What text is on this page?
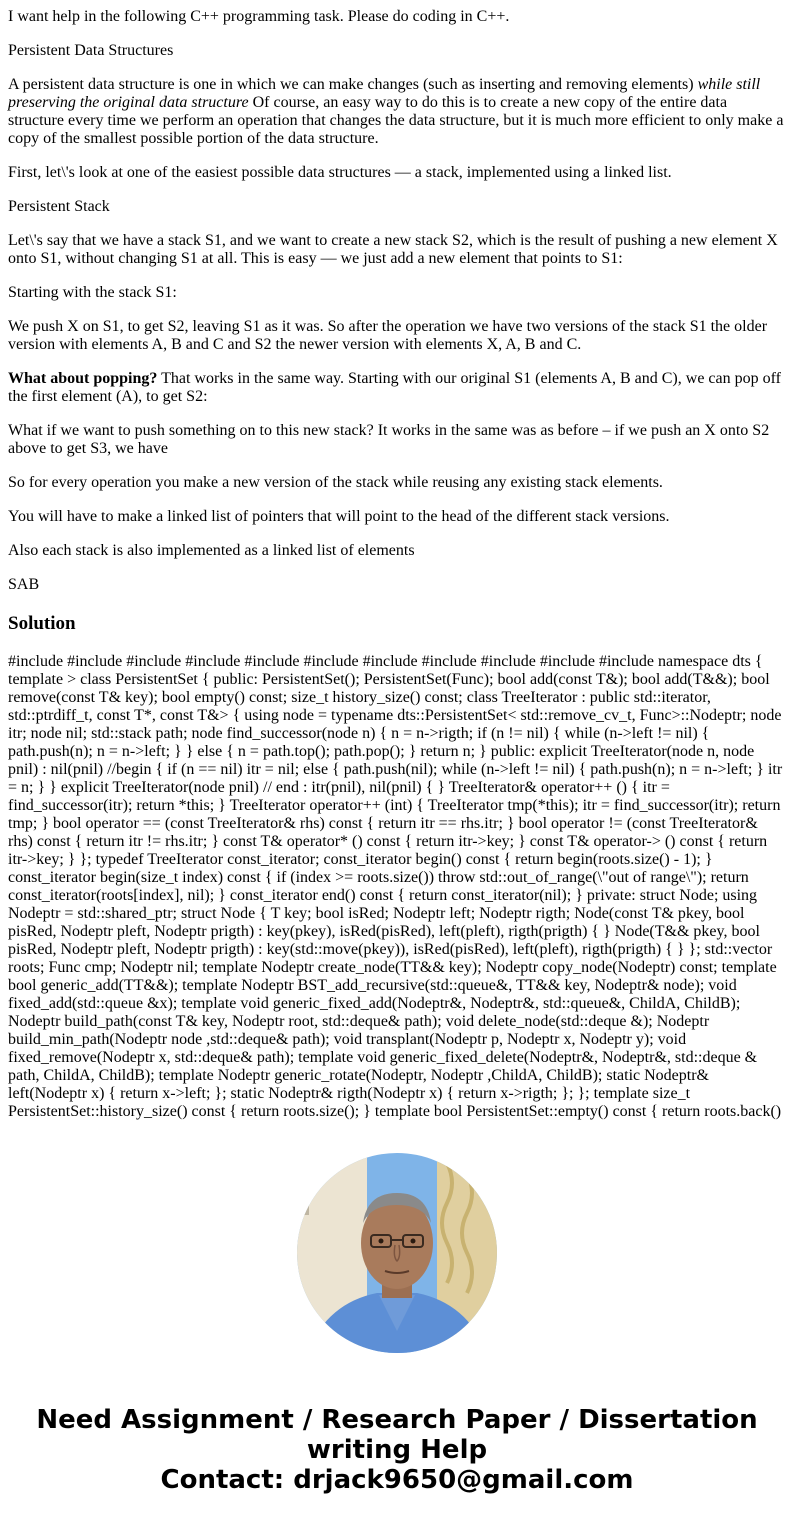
I want help in the following C++ programming task. Please do coding in C++.

Persistent Data Structures

A persistent data structure is one in which we can make changes (such as inserting and removing elements) while still preserving the original data structure Of course, an easy way to do this is to create a new copy of the entire data structure every time we perform an operation that changes the data structure, but it is much more efficient to only make a copy of the smallest possible portion of the data structure.

First, let\'s look at one of the easiest possible data structures — a stack, implemented using a linked list.

Persistent Stack

Let\'s say that we have a stack S1, and we want to create a new stack S2, which is the result of pushing a new element X onto S1, without changing S1 at all. This is easy — we just add a new element that points to S1:

Starting with the stack S1:

We push X on S1, to get S2, leaving S1 as it was. So after the operation we have two versions of the stack S1 the older version with elements A, B and C and S2 the newer version with elements X, A, B and C.

What about popping? That works in the same way. Starting with our original S1 (elements A, B and C), we can pop off the first element (A), to get S2:

What if we want to push something on to this new stack? It works in the same was as before – if we push an X onto S2 above to get S3, we have

So for every operation you make a new version of the stack while reusing any existing stack elements.

You will have to make a linked list of pointers that will point to the head of the different stack versions.

Also each stack is also implemented as a linked list of elements

SAB

Solution

#include #include #include #include #include #include #include #include #include #include #include namespace dts { template > class PersistentSet { public: PersistentSet(); PersistentSet(Func); bool add(const T&); bool add(T&&); bool remove(const T& key); bool empty() const; size_t history_size() const; class TreeIterator : public std::iterator, std::ptrdiff_t, const T*, const T&> { using node = typename dts::PersistentSet< std::remove_cv_t, Func>::Nodeptr; node itr; node nil; std::stack path; node find_successor(node n) { n = n->rigth; if (n != nil) { while (n->left != nil) { path.push(n); n = n->left; } } else { n = path.top(); path.pop(); } return n; } public: explicit TreeIterator(node n, node pnil) : nil(pnil) //begin { if (n == nil) itr = nil; else { path.push(nil); while (n->left != nil) { path.push(n); n = n->left; } itr = n; } } explicit TreeIterator(node pnil) // end : itr(pnil), nil(pnil) { } TreeIterator& operator++ () { itr = find_successor(itr); return *this; } TreeIterator operator++ (int) { TreeIterator tmp(*this); itr = find_successor(itr); return tmp; } bool operator == (const TreeIterator& rhs) const { return itr == rhs.itr; } bool operator != (const TreeIterator& rhs) const { return itr != rhs.itr; } const T& operator* () const { return itr->key; } const T& operator-> () const { return itr->key; } }; typedef TreeIterator const_iterator; const_iterator begin() const { return begin(roots.size() - 1); } const_iterator begin(size_t index) const { if (index >= roots.size()) throw std::out_of_range(\"out of range\"); return const_iterator(roots[index], nil); } const_iterator end() const { return const_iterator(nil); } private: struct Node; using Nodeptr = std::shared_ptr; struct Node { T key; bool isRed; Nodeptr left; Nodeptr rigth; Node(const T& pkey, bool pisRed, Nodeptr pleft, Nodeptr prigth) : key(pkey), isRed(pisRed), left(pleft), rigth(prigth) { } Node(T&& pkey, bool pisRed, Nodeptr pleft, Nodeptr prigth) : key(std::move(pkey)), isRed(pisRed), left(pleft), rigth(prigth) { } }; std::vector roots; Func cmp; Nodeptr nil; template Nodeptr create_node(TT&& key); Nodeptr copy_node(Nodeptr) const; template bool generic_add(TT&&); template Nodeptr BST_add_recursive(std::queue&, TT&& key, Nodeptr& node); void fixed_add(std::queue &x); template void generic_fixed_add(Nodeptr&, Nodeptr&, std::queue&, ChildA, ChildB); Nodeptr build_path(const T& key, Nodeptr root, std::deque& path); void delete_node(std::deque &); Nodeptr build_min_path(Nodeptr node ,std::deque& path); void transplant(Nodeptr p, Nodeptr x, Nodeptr y); void fixed_remove(Nodeptr x, std::deque& path); template void generic_fixed_delete(Nodeptr&, Nodeptr&, std::deque & path, ChildA, ChildB); template Nodeptr generic_rotate(Nodeptr, Nodeptr ,ChildA, ChildB); static Nodeptr& left(Nodeptr x) { return x->left; }; static Nodeptr& rigth(Nodeptr x) { return x->rigth; }; }; template size_t PersistentSet::history_size() const { return roots.size(); } template bool PersistentSet::empty() const { return roots.back()

Need Assignment / Research Paper / Dissertation
writing Help
Contact: drjack9650@gmail.com
